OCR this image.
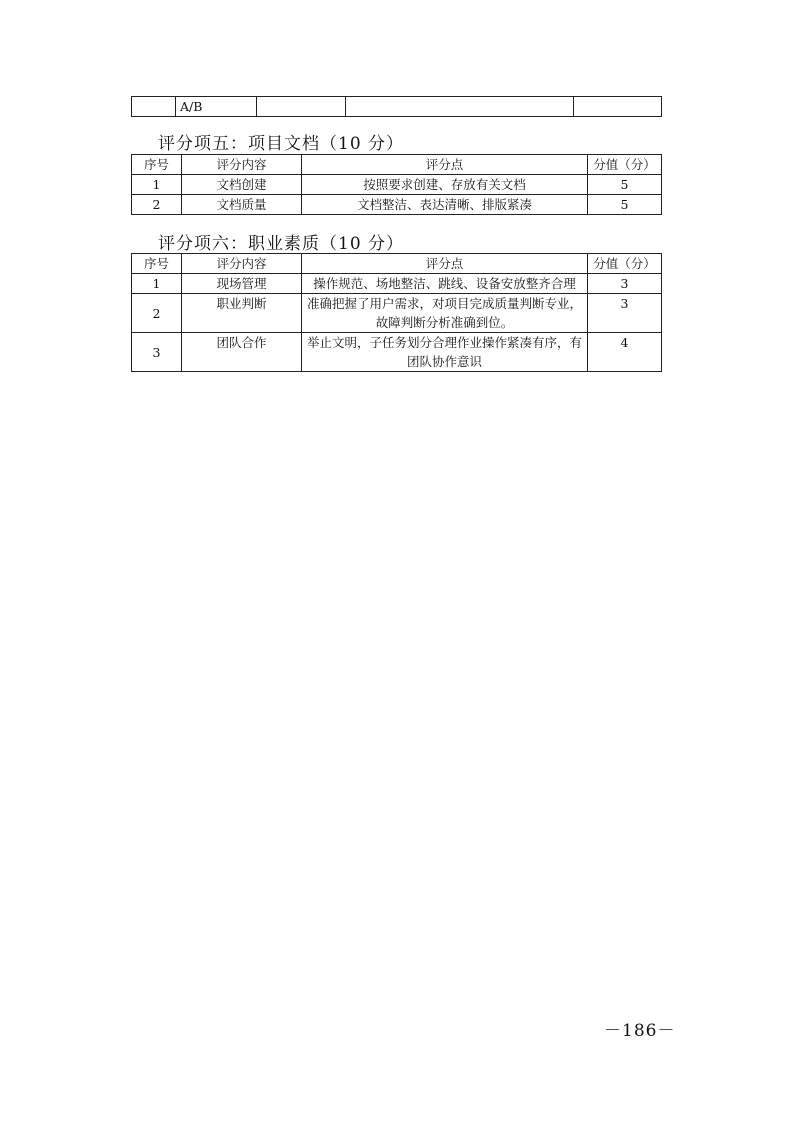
	A/B			
评分项五：项目文档（10 分）
序号	评分内容	评分点	分值（分）
1	文档创建	按照要求创建、存放有关文档	5
2	文档质量	文档整洁、表达清晰、排版紧凑	5
评分项六：职业素质（10 分）
序号	评分内容	评分点	分值（分）
1	现场管理	操作规范、场地整洁、跳线、设备安放整齐合理	3
2	职业判断	准确把握了用户需求，对项目完成质量判断专业，故障判断分析准确到位。	3
3	团队合作	举止文明，子任务划分合理作业操作紧凑有序，有团队协作意识	4
－186－
